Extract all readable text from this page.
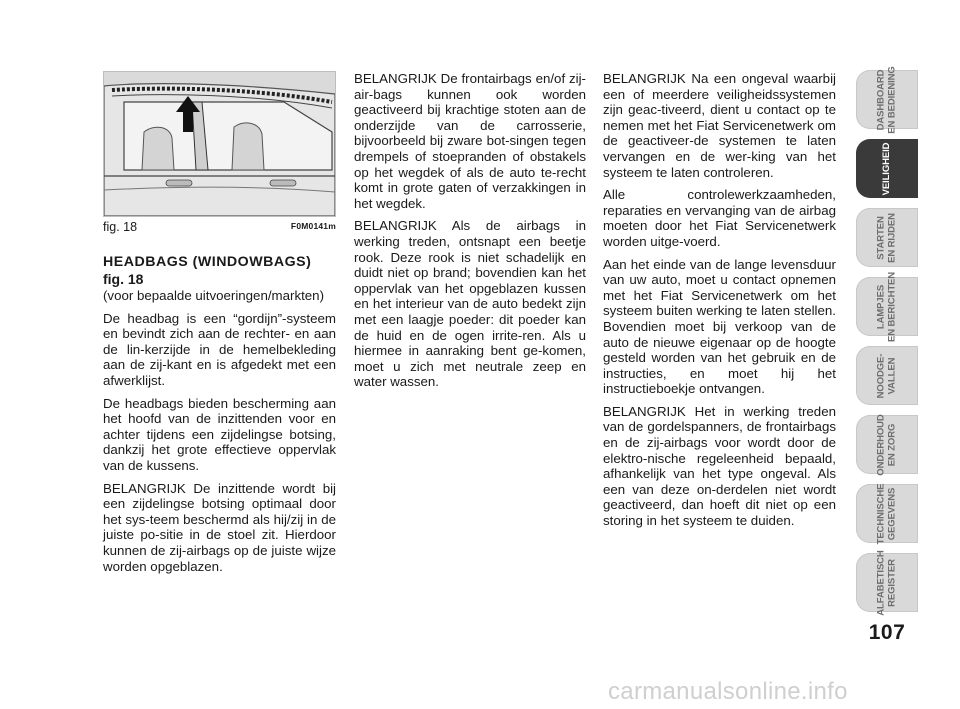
fig. 18	F0M0141m
HEADBAGS (WINDOWBAGS)
fig. 18
(voor bepaalde uitvoeringen/markten)

De headbag is een “gordijn”-systeem en bevindt zich aan de rechter- en aan de lin-kerzijde in de hemelbekleding aan de zij-kant en is afgedekt met een afwerklijst.

De headbags bieden bescherming aan het hoofd van de inzittenden voor en achter tijdens een zijdelingse botsing, dankzij het grote effectieve oppervlak van de kussens.

BELANGRIJK De inzittende wordt bij een zijdelingse botsing optimaal door het sys-teem beschermd als hij/zij in de juiste po-sitie in de stoel zit. Hierdoor kunnen de zij-airbags op de juiste wijze worden opgeblazen.

BELANGRIJK De frontairbags en/of zij-air-bags kunnen ook worden geactiveerd bij krachtige stoten aan de onderzijde van de carrosserie, bijvoorbeeld bij zware bot-singen tegen drempels of stoepranden of obstakels op het wegdek of als de auto te-recht komt in grote gaten of verzakkingen in het wegdek.

BELANGRIJK Als de airbags in werking treden, ontsnapt een beetje rook. Deze rook is niet schadelijk en duidt niet op brand; bovendien kan het oppervlak van het opgeblazen kussen en het interieur van de auto bedekt zijn met een laagje poeder: dit poeder kan de huid en de ogen irrite-ren. Als u hiermee in aanraking bent ge-komen, moet u zich met neutrale zeep en water wassen.

BELANGRIJK Na een ongeval waarbij een of meerdere veiligheidssystemen zijn geac-tiveerd, dient u contact op te nemen met het Fiat Servicenetwerk om de geactiveer-de systemen te laten vervangen en de wer-king van het systeem te laten controleren.

Alle controlewerkzaamheden, reparaties en vervanging van de airbag moeten door het Fiat Servicenetwerk worden uitge-voerd.

Aan het einde van de lange levensduur van uw auto, moet u contact opnemen met het Fiat Servicenetwerk om het systeem buiten werking te laten stellen. Bovendien moet bij verkoop van de auto de nieuwe eigenaar op de hoogte gesteld worden van het gebruik en de instructies, en moet hij het instructieboekje ontvangen.

BELANGRIJK Het in werking treden van de gordelspanners, de frontairbags en de zij-airbags voor wordt door de elektro-nische regeleenheid bepaald, afhankelijk van het type ongeval. Als een van deze on-derdelen niet wordt geactiveerd, dan hoeft dit niet op een storing in het systeem te duiden.

DASHBOARD EN BEDIENING
VEILIGHEID
STARTEN EN RIJDEN
LAMPJES EN BERICHTEN
NOODGE- VALLEN
ONDERHOUD EN ZORG
TECHNISCHE GEGEVENS
ALFABETISCH REGISTER
107
carmanualsonline.info
